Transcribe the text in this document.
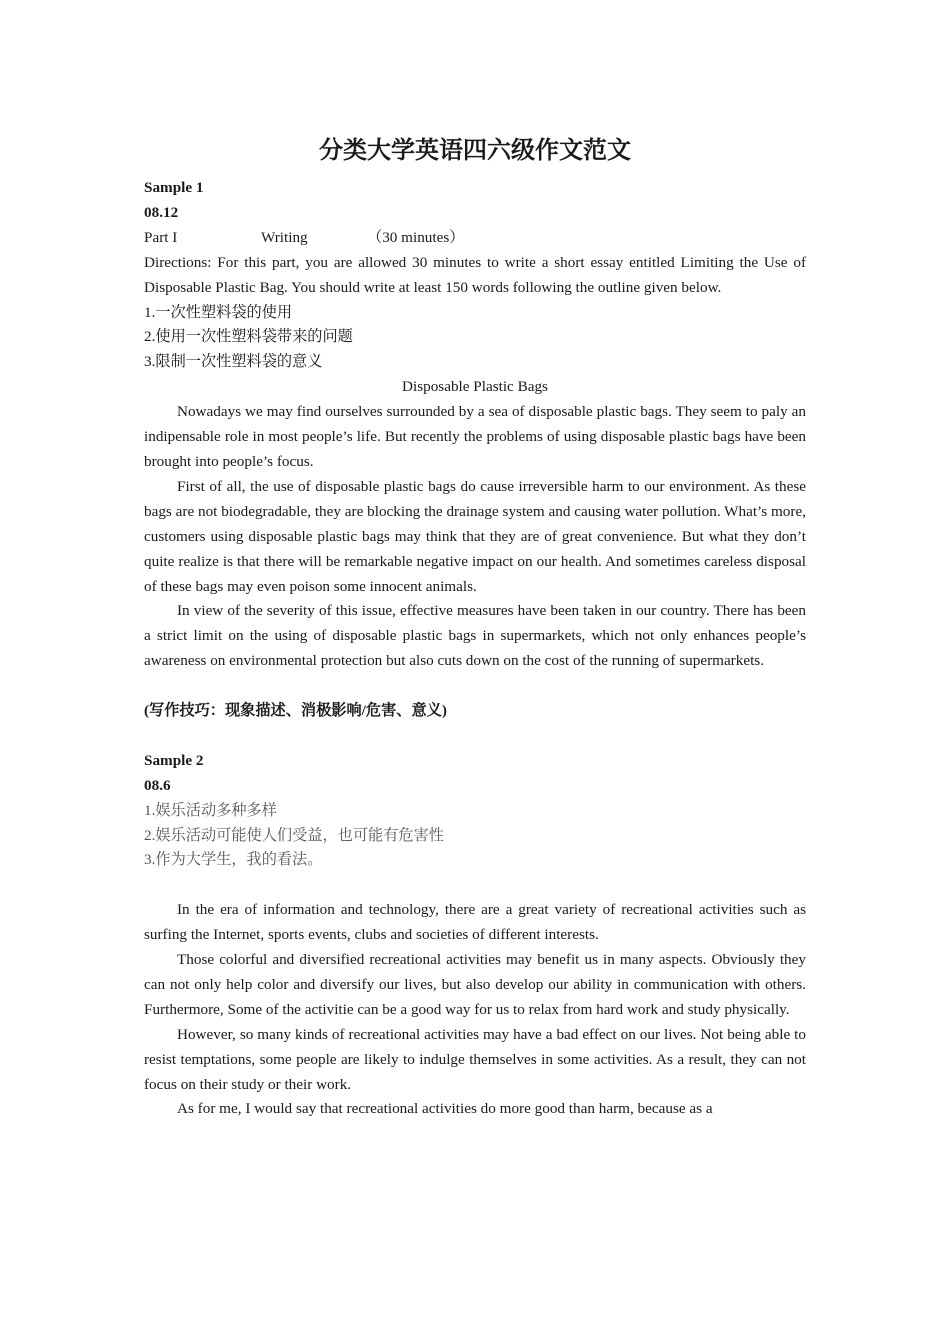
分类大学英语四六级作文范文
Sample 1
08.12
Part I	Writing	（30 minutes）
Directions: For this part, you are allowed 30 minutes to write a short essay entitled Limiting the Use of Disposable Plastic Bag. You should write at least 150 words following the outline given below.
1.一次性塑料袋的使用
2.使用一次性塑料袋带来的问题
3.限制一次性塑料袋的意义
Disposable Plastic Bags
Nowadays we may find ourselves surrounded by a sea of disposable plastic bags. They seem to paly an indipensable role in most people’s life. But recently the problems of using disposable plastic bags have been brought into people’s focus.
First of all, the use of disposable plastic bags do cause irreversible harm to our environment. As these bags are not biodegradable, they are blocking the drainage system and causing water pollution. What’s more, customers using disposable plastic bags may think that they are of great convenience. But what they don’t quite realize is that there will be remarkable negative impact on our health. And sometimes careless disposal of these bags may even poison some innocent animals.
In view of the severity of this issue, effective measures have been taken in our country. There has been a strict limit on the using of disposable plastic bags in supermarkets, which not only enhances people’s awareness on environmental protection but also cuts down on the cost of the running of supermarkets.
(写作技巧：现象描述、消极影响/危害、意义)
Sample 2
08.6
1.娱乐活动多种多样
2.娱乐活动可能使人们受益，也可能有危害性
3.作为大学生，我的看法。
In the era of information and technology, there are a great variety of recreational activities such as surfing the Internet, sports events, clubs and societies of different interests.
Those colorful and diversified recreational activities may benefit us in many aspects. Obviously they can not only help color and diversify our lives, but also develop our ability in communication with others. Furthermore, Some of the activitie can be a good way for us to relax from hard work and study physically.
However, so many kinds of recreational activities may have a bad effect on our lives. Not being able to resist temptations, some people are likely to indulge themselves in some activities. As a result, they can not focus on their study or their work.
As for me, I would say that recreational activities do more good than harm, because as a
